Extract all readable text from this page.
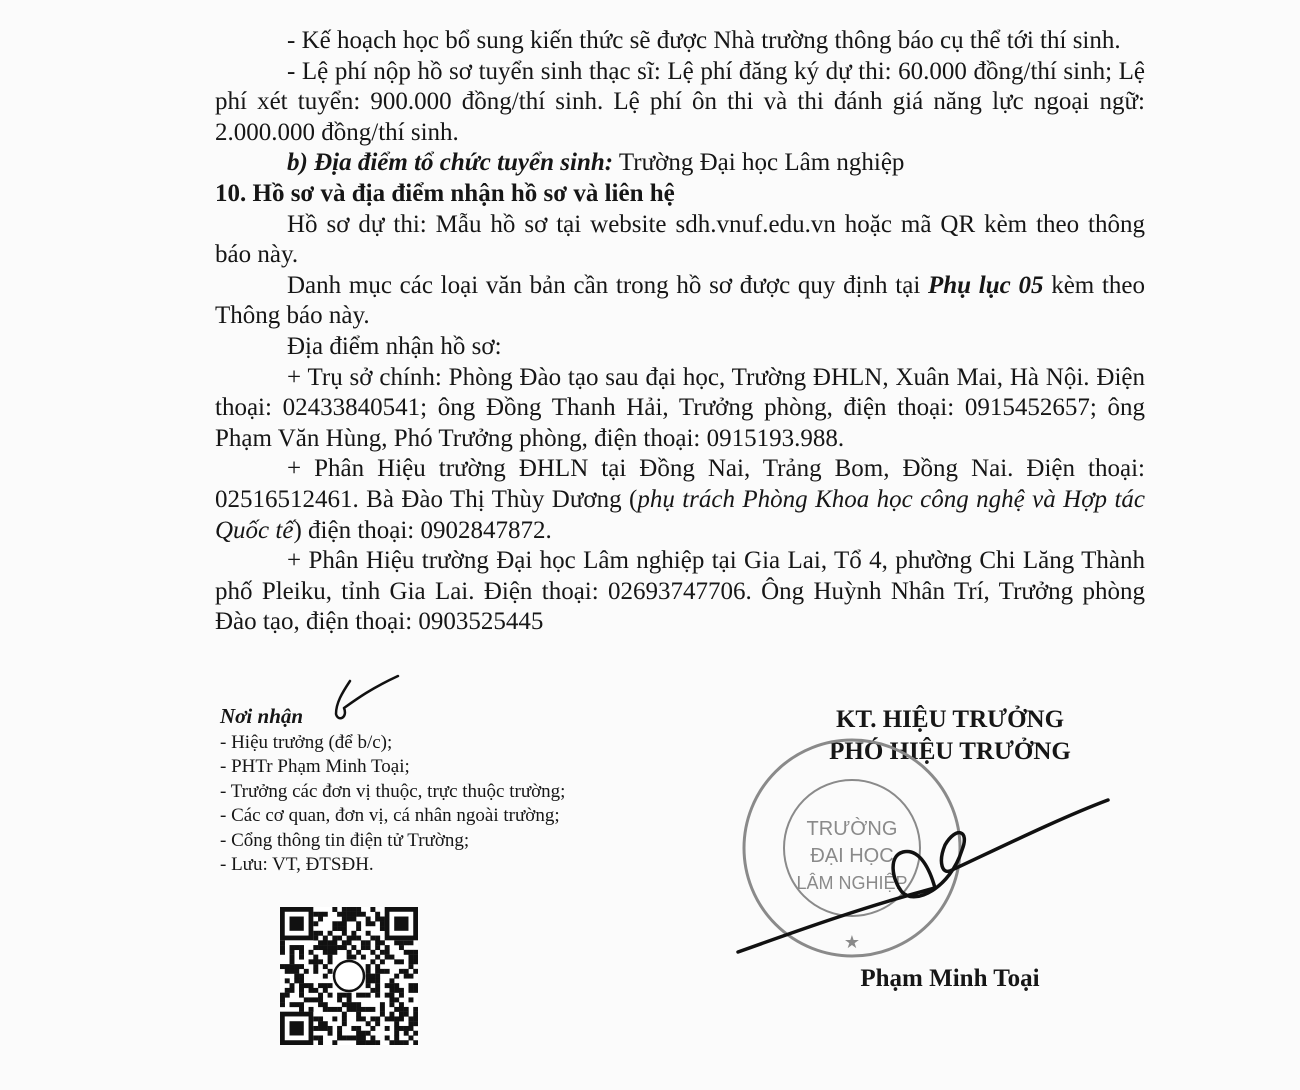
- Kế hoạch học bổ sung kiến thức sẽ được Nhà trường thông báo cụ thể tới thí sinh.

- Lệ phí nộp hồ sơ tuyển sinh thạc sĩ: Lệ phí đăng ký dự thi: 60.000 đồng/thí sinh; Lệ phí xét tuyển: 900.000 đồng/thí sinh. Lệ phí ôn thi và thi đánh giá năng lực ngoại ngữ: 2.000.000 đồng/thí sinh.

b) Địa điểm tổ chức tuyển sinh: Trường Đại học Lâm nghiệp

10. Hồ sơ và địa điểm nhận hồ sơ và liên hệ

Hồ sơ dự thi: Mẫu hồ sơ tại website sdh.vnuf.edu.vn hoặc mã QR kèm theo thông báo này.

Danh mục các loại văn bản cần trong hồ sơ được quy định tại Phụ lục 05 kèm theo Thông báo này.

Địa điểm nhận hồ sơ:

+ Trụ sở chính: Phòng Đào tạo sau đại học, Trường ĐHLN, Xuân Mai, Hà Nội. Điện thoại: 02433840541; ông Đồng Thanh Hải, Trưởng phòng, điện thoại: 0915452657; ông Phạm Văn Hùng, Phó Trưởng phòng, điện thoại: 0915193.988.

+ Phân Hiệu trường ĐHLN tại Đồng Nai, Trảng Bom, Đồng Nai. Điện thoại: 02516512461. Bà Đào Thị Thùy Dương (phụ trách Phòng Khoa học công nghệ và Hợp tác Quốc tế) điện thoại: 0902847872.

+ Phân Hiệu trường Đại học Lâm nghiệp tại Gia Lai, Tổ 4, phường Chi Lăng Thành phố Pleiku, tỉnh Gia Lai. Điện thoại: 02693747706. Ông Huỳnh Nhân Trí, Trưởng phòng Đào tạo, điện thoại: 0903525445

Nơi nhận
- Hiệu trưởng (để b/c);
- PHTr Phạm Minh Toại;
- Trưởng các đơn vị thuộc, trực thuộc trường;
- Các cơ quan, đơn vị, cá nhân ngoài trường;
- Cổng thông tin điện tử Trường;
- Lưu: VT, ĐTSĐH.
KT. HIỆU TRƯỞNG
PHÓ HIỆU TRƯỞNG
TRƯỜNG
ĐẠI HỌC
LÂM NGHIỆP
★
Phạm Minh Toại
